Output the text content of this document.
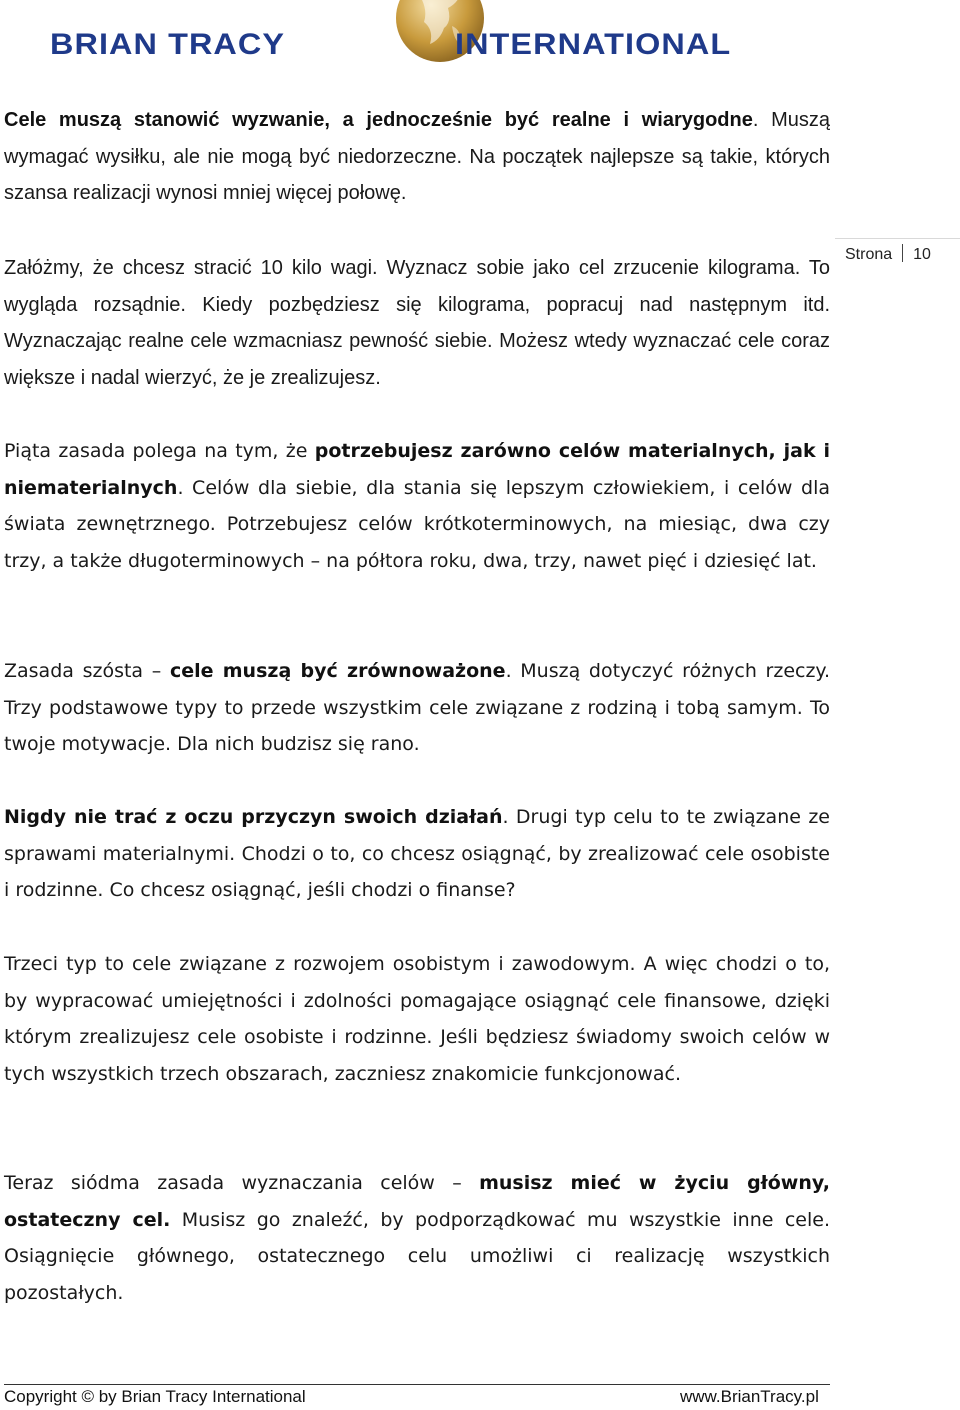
BRIAN TRACY	INTERNATIONAL
Strona 10
Cele muszą stanowić wyzwanie, a jednocześnie być realne i wiarygodne. Muszą wymagać wysiłku, ale nie mogą być niedorzeczne. Na początek najlepsze są takie, których szansa realizacji wynosi mniej więcej połowę.
Załóżmy, że chcesz stracić 10 kilo wagi. Wyznacz sobie jako cel zrzucenie kilograma. To wygląda rozsądnie. Kiedy pozbędziesz się kilograma, popracuj nad następnym itd. Wyznaczając realne cele wzmacniasz pewność siebie. Możesz wtedy wyznaczać cele coraz większe i nadal wierzyć, że je zrealizujesz.
Piąta zasada polega na tym, że potrzebujesz zarówno celów materialnych, jak i niematerialnych. Celów dla siebie, dla stania się lepszym człowiekiem, i celów dla świata zewnętrznego. Potrzebujesz celów krótkoterminowych, na miesiąc, dwa czy trzy, a także długoterminowych – na półtora roku, dwa, trzy, nawet pięć i dziesięć lat.
Zasada szósta – cele muszą być zrównoważone. Muszą dotyczyć różnych rzeczy. Trzy podstawowe typy to przede wszystkim cele związane z rodziną i tobą samym. To twoje motywacje. Dla nich budzisz się rano.
Nigdy nie trać z oczu przyczyn swoich działań. Drugi typ celu to te związane ze sprawami materialnymi. Chodzi o to, co chcesz osiągnąć, by zrealizować cele osobiste i rodzinne. Co chcesz osiągnąć, jeśli chodzi o finanse?
Trzeci typ to cele związane z rozwojem osobistym i zawodowym. A więc chodzi o to, by wypracować umiejętności i zdolności pomagające osiągnąć cele finansowe, dzięki którym zrealizujesz cele osobiste i rodzinne. Jeśli będziesz świadomy swoich celów w tych wszystkich trzech obszarach, zaczniesz znakomicie funkcjonować.
Teraz siódma zasada wyznaczania celów – musisz mieć w życiu główny, ostateczny cel. Musisz go znaleźć, by podporządkować mu wszystkie inne cele. Osiągnięcie głównego, ostatecznego celu umożliwi ci realizację wszystkich pozostałych.
Copyright © by Brian Tracy International	www.BrianTracy.pl
